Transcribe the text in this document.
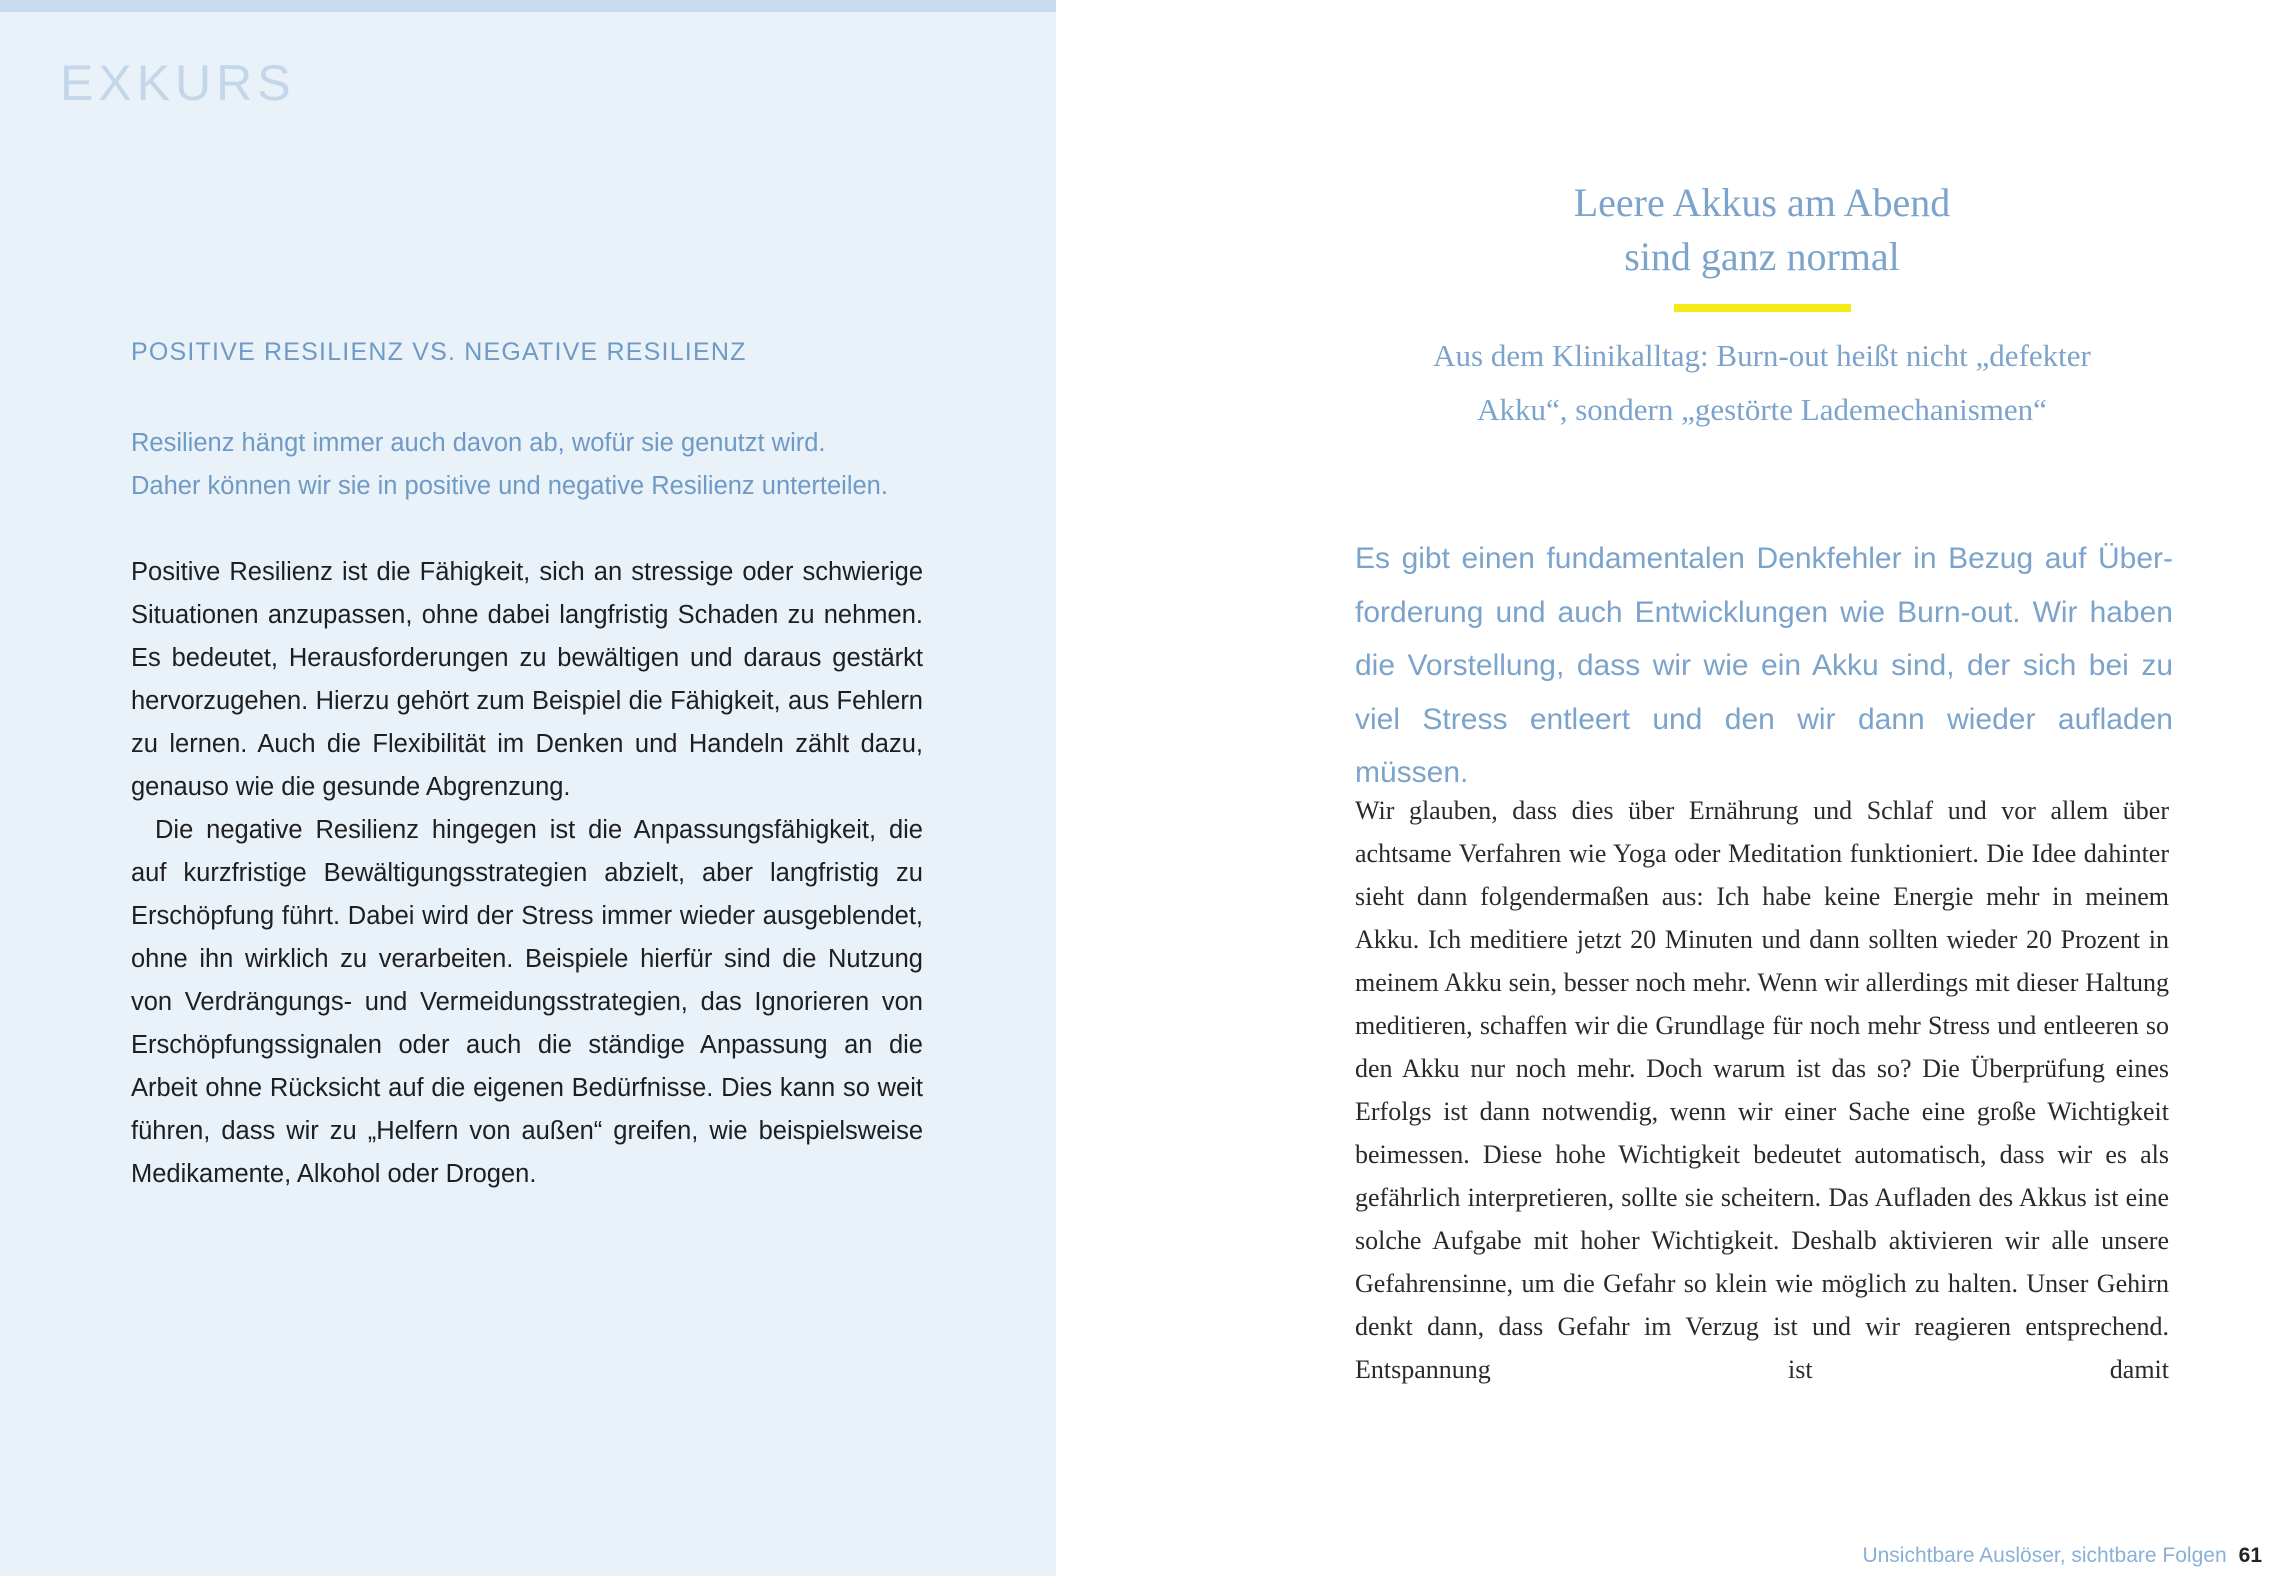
EXKURS
POSITIVE RESILIENZ VS. NEGATIVE RESILIENZ
Resilienz hängt immer auch davon ab, wofür sie genutzt wird.
Daher können wir sie in positive und negative Resilienz unterteilen.

Positive Resilienz ist die Fähigkeit, sich an stressige oder schwierige Situationen anzupassen, ohne dabei langfristig Schaden zu nehmen. Es bedeutet, Herausforderungen zu bewältigen und daraus gestärkt hervorzugehen. Hierzu gehört zum Beispiel die Fähigkeit, aus Fehlern zu lernen. Auch die Flexibilität im Denken und Handeln zählt dazu, genauso wie die gesunde Abgrenzung.

Die negative Resilienz hingegen ist die Anpassungsfähigkeit, die auf kurzfristige Bewältigungsstrategien abzielt, aber langfristig zu Erschöpfung führt. Dabei wird der Stress immer wieder ausgeblendet, ohne ihn wirklich zu verarbeiten. Beispiele hierfür sind die Nutzung von Verdrängungs- und Vermeidungsstrategien, das Ignorieren von Erschöpfungssignalen oder auch die ständige Anpassung an die Arbeit ohne Rücksicht auf die eigenen Bedürfnisse. Dies kann so weit führen, dass wir zu „Helfern von außen“ greifen, wie beispielsweise Medikamente, Alkohol oder Drogen.

Leere Akkus am Abend
sind ganz normal
Aus dem Klinikalltag: Burn-out heißt nicht „defekter
Akku“, sondern „gestörte Lademechanismen“
Es gibt einen fundamentalen Denkfehler in Bezug auf Überforderung und auch Entwicklungen wie Burn-out. Wir haben die Vorstellung, dass wir wie ein Akku sind, der sich bei zu viel Stress entleert und den wir dann wieder aufladen müssen.

Wir glauben, dass dies über Ernährung und Schlaf und vor allem über achtsame Verfahren wie Yoga oder Meditation funktioniert. Die Idee dahinter sieht dann folgendermaßen aus: Ich habe keine Energie mehr in meinem Akku. Ich meditiere jetzt 20 Minuten und dann sollten wieder 20 Prozent in meinem Akku sein, besser noch mehr. Wenn wir allerdings mit dieser Haltung meditieren, schaffen wir die Grundlage für noch mehr Stress und entleeren so den Akku nur noch mehr. Doch warum ist das so? Die Überprüfung eines Erfolgs ist dann notwendig, wenn wir einer Sache eine große Wichtigkeit beimessen. Diese hohe Wichtigkeit bedeutet automatisch, dass wir es als gefährlich interpretieren, sollte sie scheitern. Das Aufladen des Akkus ist eine solche Aufgabe mit hoher Wichtigkeit. Deshalb aktivieren wir alle unsere Gefahrensinne, um die Gefahr so klein wie möglich zu halten. Unser Gehirn denkt dann, dass Gefahr im Verzug ist und wir reagieren entsprechend. Entspannung ist damit

Unsichtbare Auslöser, sichtbare Folgen 61
